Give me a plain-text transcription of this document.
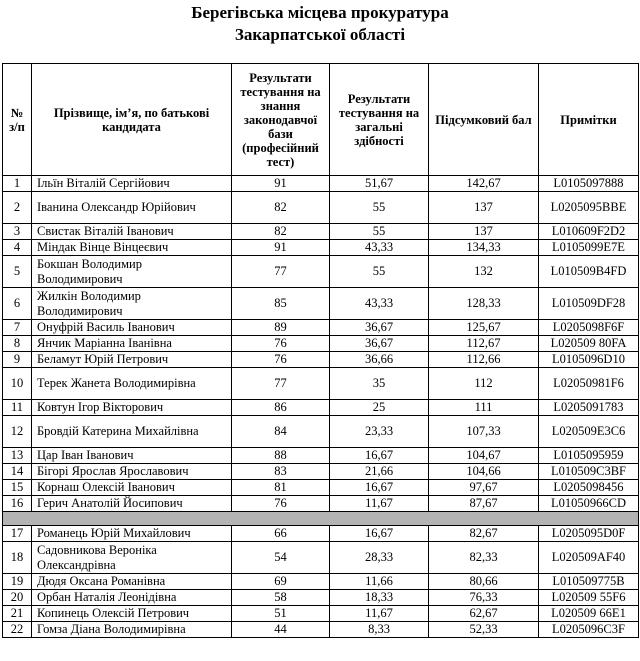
Берегівська місцева прокуратура
Закарпатської області
№ з/п	Прізвище, ім’я, по батькові кандидата	Результати тестування на знання законодавчої бази (професійний тест)	Результати тестування на загальні здібності	Підсумковий бал	Примітки
1	Ільїн Віталій Сергійович	91	51,67	142,67	L0105097888
2	Іванина Олександр Юрійович	82	55	137	L0205095BBE
3	Свистак Віталій Іванович	82	55	137	L010609F2D2
4	Міндак Вінце Вінцеєвич	91	43,33	134,33	L0105099E7E
5	Бокшан Володимир Володимирович	77	55	132	L010509B4FD
6	Жилкін Володимир Володимирович	85	43,33	128,33	L010509DF28
7	Онуфрій Василь Іванович	89	36,67	125,67	L0205098F6F
8	Янчик Маріанна Іванівна	76	36,67	112,67	L020509 80FA
9	Беламут Юрій Петрович	76	36,66	112,66	L0105096D10
10	Терек Жанета Володимирівна	77	35	112	L02050981F6
11	Ковтун Ігор Вікторович	86	25	111	L0205091783
12	Бровдій Катерина Михайлівна	84	23,33	107,33	L020509E3C6
13	Цар Іван Іванович	88	16,67	104,67	L0105095959
14	Бігорі Ярослав Ярославович	83	21,66	104,66	L010509C3BF
15	Корнаш Олексій Іванович	81	16,67	97,67	L0205098456
16	Герич Анатолій Йосипович	76	11,67	87,67	L01050966CD

17	Романець Юрій Михайлович	66	16,67	82,67	L0205095D0F
18	Садовникова Вероніка Олександрівна	54	28,33	82,33	L020509AF40
19	Дюдя Оксана Романівна	69	11,66	80,66	L010509775B
20	Орбан Наталія Леонідівна	58	18,33	76,33	L020509 55F6
21	Копинець Олексій Петрович	51	11,67	62,67	L020509 66E1
22	Гомза Діана Володимирівна	44	8,33	52,33	L0205096C3F
